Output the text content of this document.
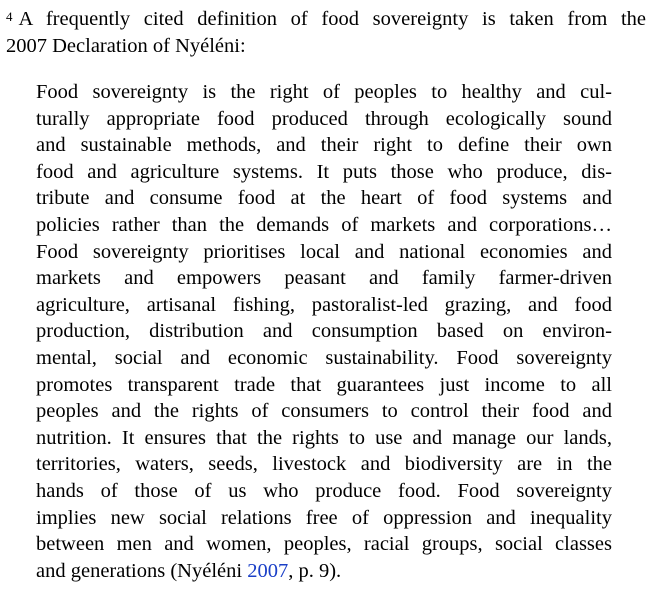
$^4$ A frequently cited definition of food sovereignty is taken from the
2007 Declaration of Nyéléni:
Food sovereignty is the right of peoples to healthy and cul-
turally appropriate food produced through ecologically sound
and sustainable methods, and their right to define their own
food and agriculture systems. It puts those who produce, dis-
tribute and consume food at the heart of food systems and
policies rather than the demands of markets and corporations…
Food sovereignty prioritises local and national economies and
markets and empowers peasant and family farmer-driven
agriculture, artisanal fishing, pastoralist-led grazing, and food
production, distribution and consumption based on environ-
mental, social and economic sustainability. Food sovereignty
promotes transparent trade that guarantees just income to all
peoples and the rights of consumers to control their food and
nutrition. It ensures that the rights to use and manage our lands,
territories, waters, seeds, livestock and biodiversity are in the
hands of those of us who produce food. Food sovereignty
implies new social relations free of oppression and inequality
between men and women, peoples, racial groups, social classes
and generations (Nyéléni 2007, p. 9).
